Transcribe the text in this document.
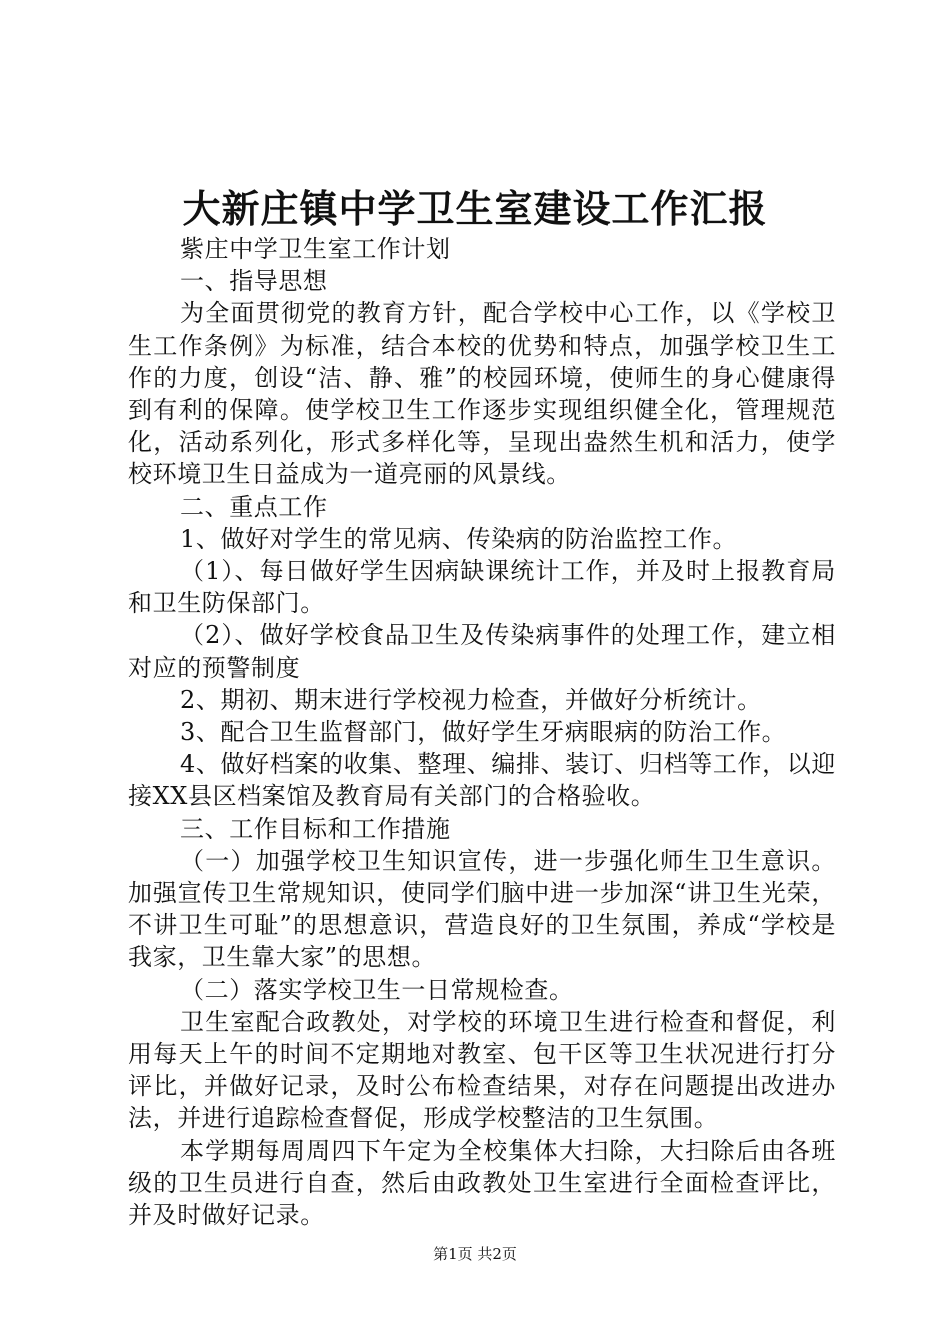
大新庄镇中学卫生室建设工作汇报

紫庄中学卫生室工作计划

一、指导思想

为全面贯彻党的教育方针，配合学校中心工作，以《学校卫生工作条例》为标准，结合本校的优势和特点，加强学校卫生工作的力度，创设“洁、静、雅”的校园环境，使师生的身心健康得到有利的保障。使学校卫生工作逐步实现组织健全化，管理规范化，活动系列化，形式多样化等，呈现出盎然生机和活力，使学校环境卫生日益成为一道亮丽的风景线。

二、重点工作

1、做好对学生的常见病、传染病的防治监控工作。

（1）、每日做好学生因病缺课统计工作，并及时上报教育局和卫生防保部门。

（2）、做好学校食品卫生及传染病事件的处理工作，建立相对应的预警制度

2、期初、期末进行学校视力检查，并做好分析统计。

3、配合卫生监督部门，做好学生牙病眼病的防治工作。

4、做好档案的收集、整理、编排、装订、归档等工作，以迎接XX县区档案馆及教育局有关部门的合格验收。

三、工作目标和工作措施

（一）加强学校卫生知识宣传，进一步强化师生卫生意识。加强宣传卫生常规知识，使同学们脑中进一步加深“讲卫生光荣，不讲卫生可耻”的思想意识，营造良好的卫生氛围，养成“学校是我家，卫生靠大家”的思想。

（二）落实学校卫生一日常规检查。

卫生室配合政教处，对学校的环境卫生进行检查和督促，利用每天上午的时间不定期地对教室、包干区等卫生状况进行打分评比，并做好记录，及时公布检查结果，对存在问题提出改进办法，并进行追踪检查督促，形成学校整洁的卫生氛围。

本学期每周周四下午定为全校集体大扫除，大扫除后由各班级的卫生员进行自查，然后由政教处卫生室进行全面检查评比，并及时做好记录。

第1页 共2页
